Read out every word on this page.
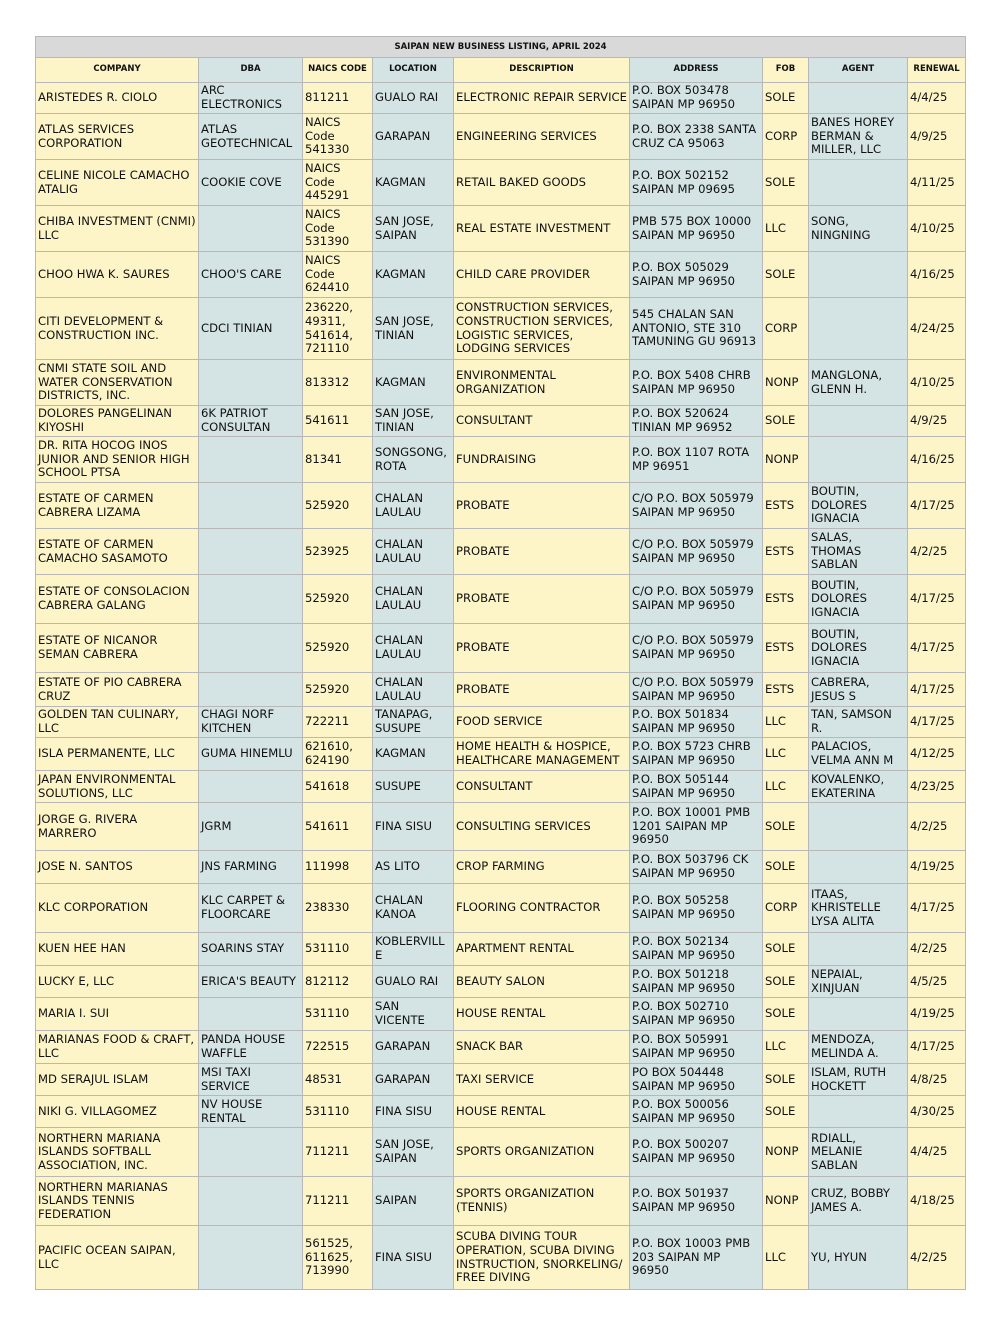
SAIPAN NEW BUSINESS LISTING, APRIL 2024								
COMPANY	DBA	NAICS CODE	LOCATION	DESCRIPTION	ADDRESS	FOB	AGENT	RENEWAL
ARISTEDES R. CIOLO	ARC ELECTRONICS	811211	GUALO RAI	ELECTRONIC REPAIR SERVICE	P.O. BOX 503478 SAIPAN MP 96950	SOLE		4/4/25
ATLAS SERVICES CORPORATION	ATLAS GEOTECHNICAL	NAICS Code 541330	GARAPAN	ENGINEERING SERVICES	P.O. BOX 2338 SANTA CRUZ CA 95063	CORP	BANES HOREY BERMAN & MILLER, LLC	4/9/25
CELINE NICOLE CAMACHO ATALIG	COOKIE COVE	NAICS Code 445291	KAGMAN	RETAIL BAKED GOODS	P.O. BOX 502152 SAIPAN MP 09695	SOLE		4/11/25
CHIBA INVESTMENT (CNMI) LLC		NAICS Code 531390	SAN JOSE, SAIPAN	REAL ESTATE INVESTMENT	PMB 575 BOX 10000 SAIPAN MP 96950	LLC	SONG, NINGNING	4/10/25
CHOO HWA K. SAURES	CHOO'S CARE	NAICS Code 624410	KAGMAN	CHILD CARE PROVIDER	P.O. BOX 505029 SAIPAN MP 96950	SOLE		4/16/25
CITI DEVELOPMENT & CONSTRUCTION INC.	CDCI TINIAN	236220, 49311, 541614, 721110	SAN JOSE, TINIAN	CONSTRUCTION SERVICES, CONSTRUCTION SERVICES, LOGISTIC SERVICES, LODGING SERVICES	545 CHALAN SAN ANTONIO, STE 310 TAMUNING GU 96913	CORP		4/24/25
CNMI STATE SOIL AND WATER CONSERVATION DISTRICTS, INC.		813312	KAGMAN	ENVIRONMENTAL ORGANIZATION	P.O. BOX 5408 CHRB SAIPAN MP 96950	NONP	MANGLONA, GLENN H.	4/10/25
DOLORES PANGELINAN KIYOSHI	6K PATRIOT CONSULTAN	541611	SAN JOSE, TINIAN	CONSULTANT	P.O. BOX 520624 TINIAN MP 96952	SOLE		4/9/25
DR. RITA HOCOG INOS JUNIOR AND SENIOR HIGH SCHOOL PTSA		81341	SONGSONG, ROTA	FUNDRAISING	P.O. BOX 1107 ROTA MP 96951	NONP		4/16/25
ESTATE OF CARMEN CABRERA LIZAMA		525920	CHALAN LAULAU	PROBATE	C/O P.O. BOX 505979 SAIPAN MP 96950	ESTS	BOUTIN, DOLORES IGNACIA	4/17/25
ESTATE OF CARMEN CAMACHO SASAMOTO		523925	CHALAN LAULAU	PROBATE	C/O P.O. BOX 505979 SAIPAN MP 96950	ESTS	SALAS, THOMAS SABLAN	4/2/25
ESTATE OF CONSOLACION CABRERA GALANG		525920	CHALAN LAULAU	PROBATE	C/O P.O. BOX 505979 SAIPAN MP 96950	ESTS	BOUTIN, DOLORES IGNACIA	4/17/25
ESTATE OF NICANOR SEMAN CABRERA		525920	CHALAN LAULAU	PROBATE	C/O P.O. BOX 505979 SAIPAN MP 96950	ESTS	BOUTIN, DOLORES IGNACIA	4/17/25
ESTATE OF PIO CABRERA CRUZ		525920	CHALAN LAULAU	PROBATE	C/O P.O. BOX 505979 SAIPAN MP 96950	ESTS	CABRERA, JESUS S	4/17/25
GOLDEN TAN CULINARY, LLC	CHAGI NORF KITCHEN	722211	TANAPAG, SUSUPE	FOOD SERVICE	P.O. BOX 501834 SAIPAN MP 96950	LLC	TAN, SAMSON R.	4/17/25
ISLA PERMANENTE, LLC	GUMA HINEMLU	621610, 624190	KAGMAN	HOME HEALTH & HOSPICE, HEALTHCARE MANAGEMENT	P.O. BOX 5723 CHRB SAIPAN MP 96950	LLC	PALACIOS, VELMA ANN M	4/12/25
JAPAN ENVIRONMENTAL SOLUTIONS, LLC		541618	SUSUPE	CONSULTANT	P.O. BOX 505144 SAIPAN MP 96950	LLC	KOVALENKO, EKATERINA	4/23/25
JORGE G. RIVERA MARRERO	JGRM	541611	FINA SISU	CONSULTING SERVICES	P.O. BOX 10001 PMB 1201 SAIPAN MP 96950	SOLE		4/2/25
JOSE N. SANTOS	JNS FARMING	111998	AS LITO	CROP FARMING	P.O. BOX 503796 CK SAIPAN MP 96950	SOLE		4/19/25
KLC CORPORATION	KLC CARPET & FLOORCARE	238330	CHALAN KANOA	FLOORING CONTRACTOR	P.O. BOX 505258 SAIPAN MP 96950	CORP	ITAAS, KHRISTELLE LYSA ALITA	4/17/25
KUEN HEE HAN	SOARINS STAY	531110	KOBLERVILLE	APARTMENT RENTAL	P.O. BOX 502134 SAIPAN MP 96950	SOLE		4/2/25
LUCKY E, LLC	ERICA'S BEAUTY	812112	GUALO RAI	BEAUTY SALON	P.O. BOX 501218 SAIPAN MP 96950	SOLE	NEPAIAL, XINJUAN	4/5/25
MARIA I. SUI		531110	SAN VICENTE	HOUSE RENTAL	P.O. BOX 502710 SAIPAN MP 96950	SOLE		4/19/25
MARIANAS FOOD & CRAFT, LLC	PANDA HOUSE WAFFLE	722515	GARAPAN	SNACK BAR	P.O. BOX 505991 SAIPAN MP 96950	LLC	MENDOZA, MELINDA A.	4/17/25
MD SERAJUL ISLAM	MSI TAXI SERVICE	48531	GARAPAN	TAXI SERVICE	PO BOX 504448 SAIPAN MP 96950	SOLE	ISLAM, RUTH HOCKETT	4/8/25
NIKI G. VILLAGOMEZ	NV HOUSE RENTAL	531110	FINA SISU	HOUSE RENTAL	P.O. BOX 500056 SAIPAN MP 96950	SOLE		4/30/25
NORTHERN MARIANA ISLANDS SOFTBALL ASSOCIATION, INC.		711211	SAN JOSE, SAIPAN	SPORTS ORGANIZATION	P.O. BOX 500207 SAIPAN MP 96950	NONP	RDIALL, MELANIE SABLAN	4/4/25
NORTHERN MARIANAS ISLANDS TENNIS FEDERATION		711211	SAIPAN	SPORTS ORGANIZATION (TENNIS)	P.O. BOX 501937 SAIPAN MP 96950	NONP	CRUZ, BOBBY JAMES A.	4/18/25
PACIFIC OCEAN SAIPAN, LLC		561525, 611625, 713990	FINA SISU	SCUBA DIVING TOUR OPERATION, SCUBA DIVING INSTRUCTION, SNORKELING/ FREE DIVING	P.O. BOX 10003 PMB 203 SAIPAN MP 96950	LLC	YU, HYUN	4/2/25
